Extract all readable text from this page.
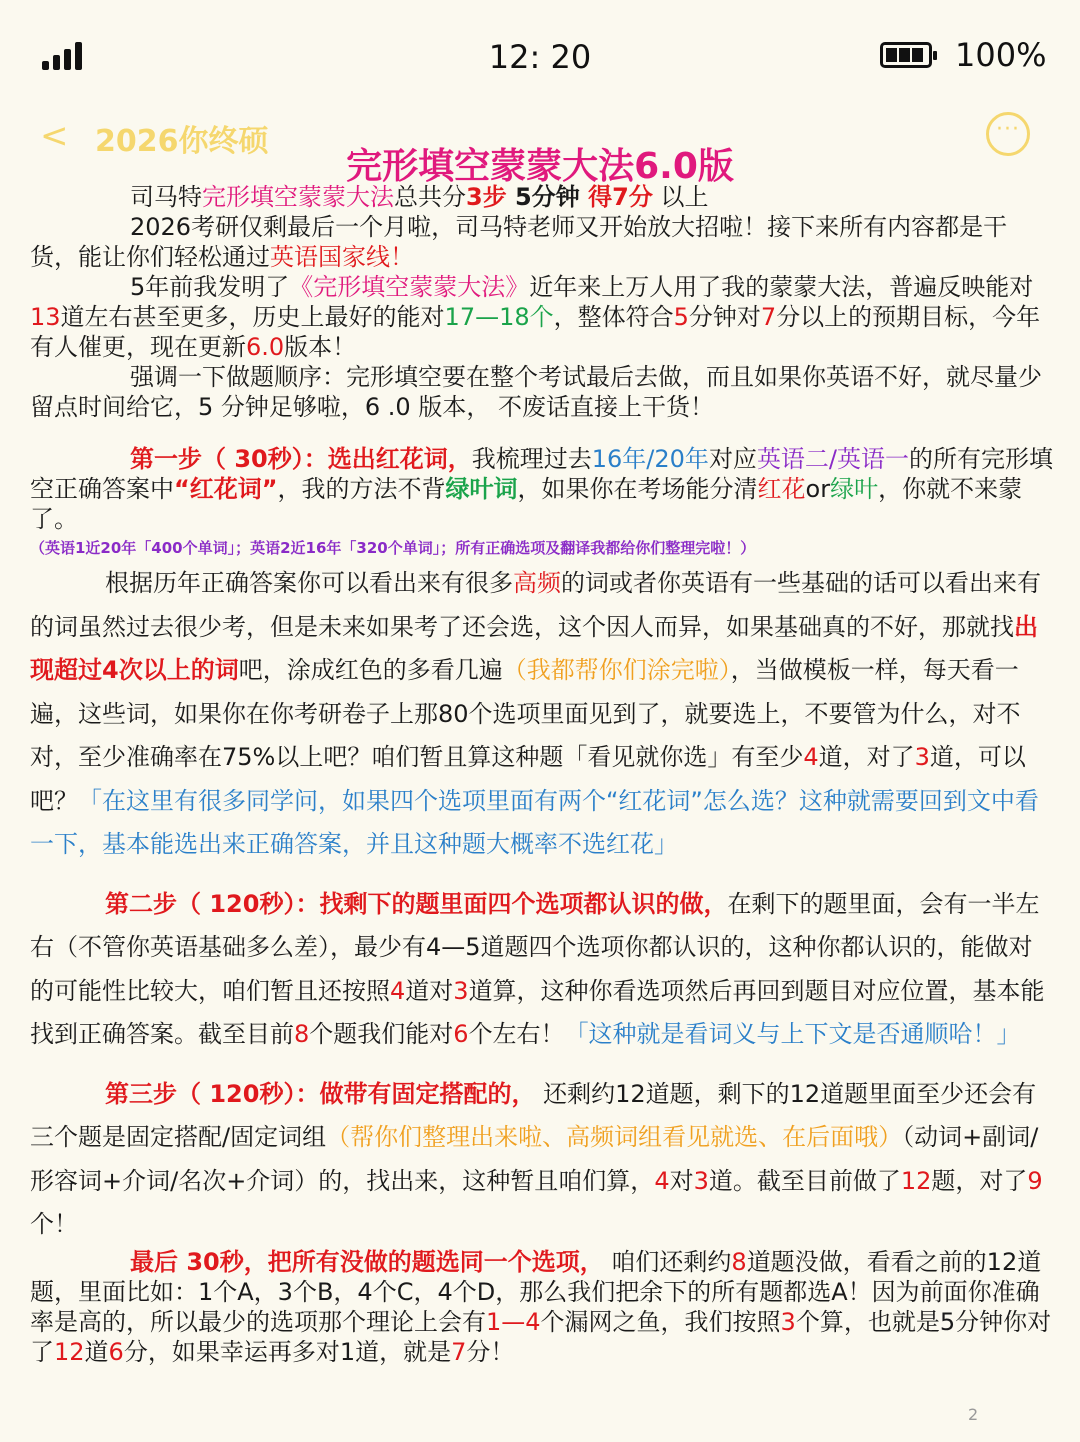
12: 20	100%
< 2026你终硕	···
完形填空蒙蒙大法6.0版

司马特完形填空蒙蒙大法总共分3步 5分钟 得7分 以上

2026考研仅剩最后一个月啦，司马特老师又开始放大招啦！接下来所有内容都是干货，能让你们轻松通过英语国家线！

5年前我发明了《完形填空蒙蒙大法》近年来上万人用了我的蒙蒙大法，普遍反映能对13道左右甚至更多，历史上最好的能对17—18个，整体符合5分钟对7分以上的预期目标，今年有人催更，现在更新6.0版本！

强调一下做题顺序：完形填空要在整个考试最后去做，而且如果你英语不好，就尽量少留点时间给它，5 分钟足够啦，6 .0 版本， 不废话直接上干货！

第一步（ 30秒）：选出红花词，我梳理过去16年/20年对应英语二/英语一的所有完形填空正确答案中“红花词”，我的方法不背绿叶词，如果你在考场能分清红花or绿叶，你就不来蒙了。

（英语1近20年「400个单词」；英语2近16年「320个单词」；所有正确选项及翻译我都给你们整理完啦！）

根据历年正确答案你可以看出来有很多高频的词或者你英语有一些基础的话可以看出来有的词虽然过去很少考，但是未来如果考了还会选，这个因人而异，如果基础真的不好，那就找出现超过4次以上的词吧，涂成红色的多看几遍（我都帮你们涂完啦），当做模板一样，每天看一遍，这些词，如果你在你考研卷子上那80个选项里面见到了，就要选上，不要管为什么，对不对，至少准确率在75%以上吧？咱们暂且算这种题「看见就你选」有至少4道，对了3道，可以吧？「在这里有很多同学问，如果四个选项里面有两个“红花词”怎么选？这种就需要回到文中看一下，基本能选出来正确答案，并且这种题大概率不选红花」

第二步（ 120秒）：找剩下的题里面四个选项都认识的做，在剩下的题里面，会有一半左右（不管你英语基础多么差），最少有4—5道题四个选项你都认识的，这种你都认识的，能做对的可能性比较大，咱们暂且还按照4道对3道算，这种你看选项然后再回到题目对应位置，基本能找到正确答案。截至目前8个题我们能对6个左右！「这种就是看词义与上下文是否通顺哈！」

第三步（ 120秒）：做带有固定搭配的， 还剩约12道题，剩下的12道题里面至少还会有三个题是固定搭配/固定词组（帮你们整理出来啦、高频词组看见就选、在后面哦）（动词+副词/形容词+介词/名次+介词）的，找出来，这种暂且咱们算，4对3道。截至目前做了12题，对了9个！

最后 30秒，把所有没做的题选同一个选项， 咱们还剩约8道题没做，看看之前的12道题，里面比如：1个A，3个B，4个C，4个D，那么我们把余下的所有题都选A！因为前面你准确率是高的，所以最少的选项那个理论上会有1—4个漏网之鱼，我们按照3个算，也就是5分钟你对了12道6分，如果幸运再多对1道，就是7分！

2
